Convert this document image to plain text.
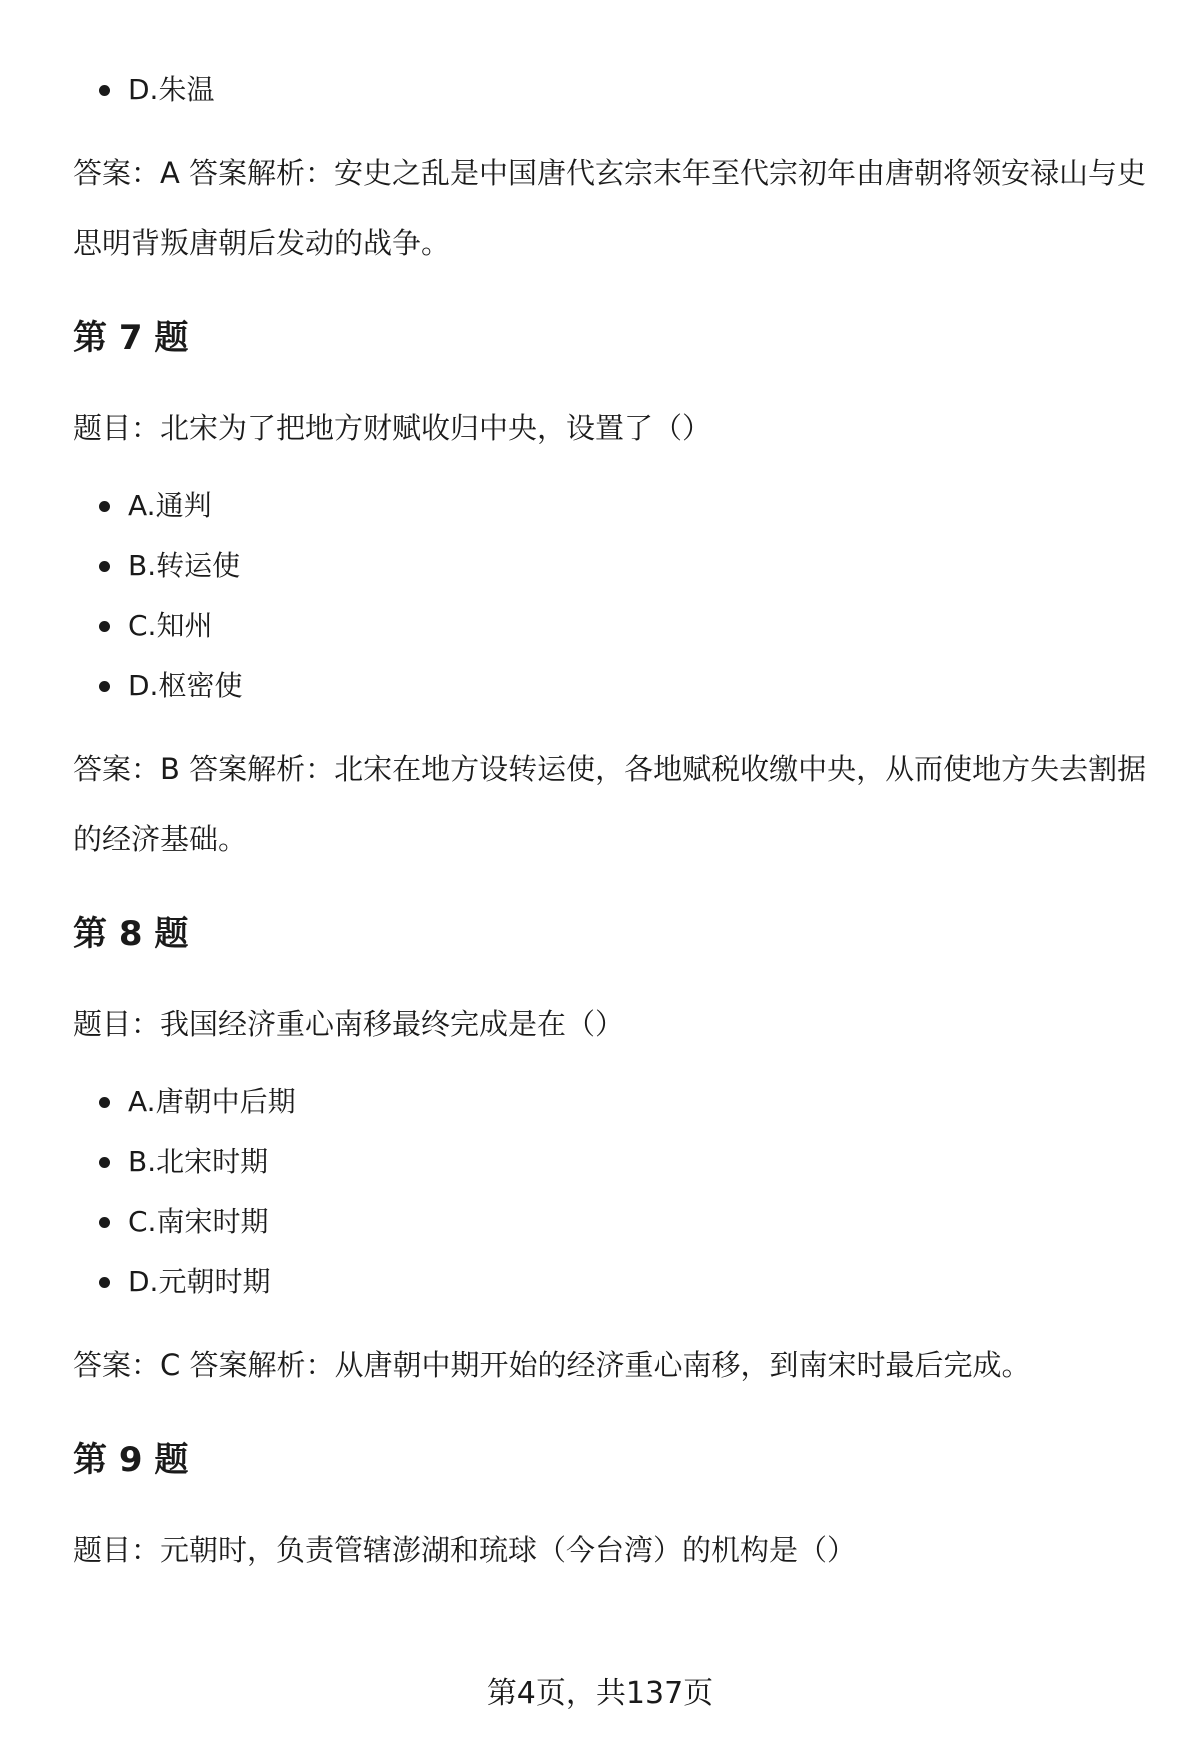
D.朱温

答案：A 答案解析：安史之乱是中国唐代玄宗末年至代宗初年由唐朝将领安禄山与史思明背叛唐朝后发动的战争。

第 7 题

题目：北宋为了把地方财赋收归中央，设置了（）

A.通判
B.转运使
C.知州
D.枢密使

答案：B 答案解析：北宋在地方设转运使，各地赋税收缴中央，从而使地方失去割据的经济基础。

第 8 题

题目：我国经济重心南移最终完成是在（）

A.唐朝中后期
B.北宋时期
C.南宋时期
D.元朝时期

答案：C 答案解析：从唐朝中期开始的经济重心南移，到南宋时最后完成。

第 9 题

题目：元朝时，负责管辖澎湖和琉球（今台湾）的机构是（）

第4页，共137页
